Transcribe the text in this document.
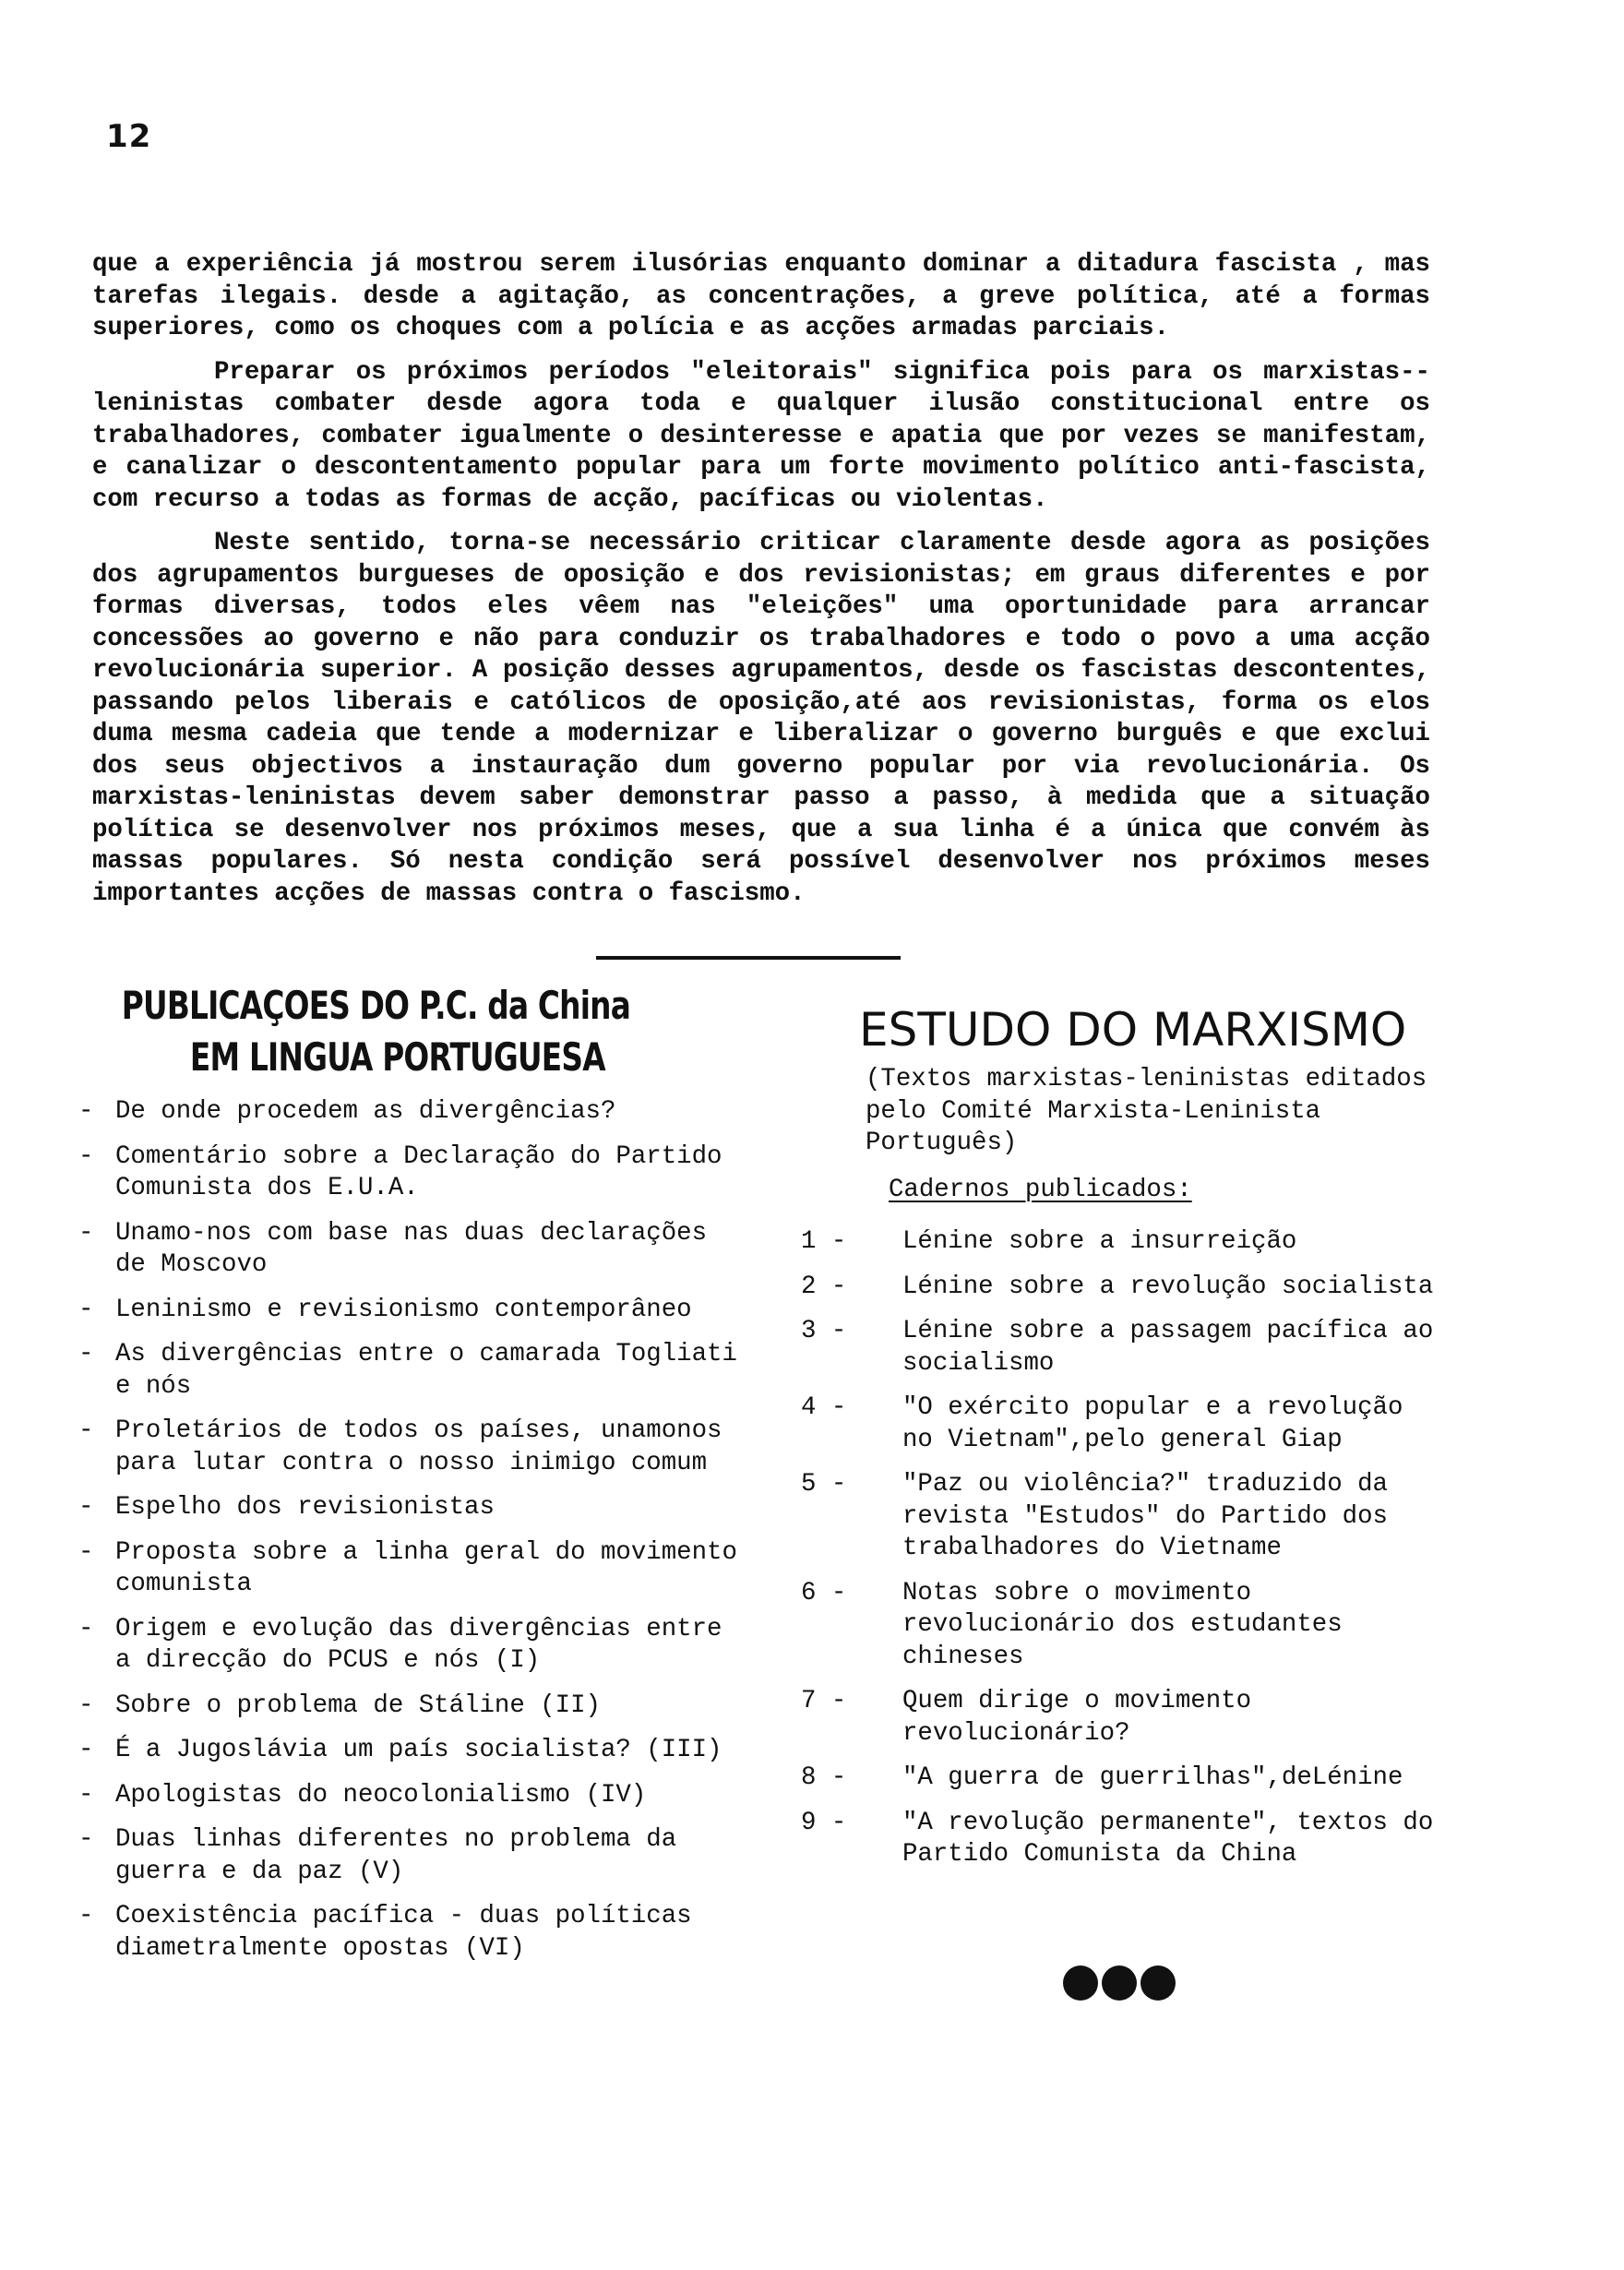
12

que a experiência já mostrou serem ilusórias enquanto dominar a ditadura fascista , mas tarefas ilegais. desde a agitação, as concentrações, a greve política, até a formas superiores, como os choques com a polícia e as acções armadas parciais.

Preparar os próximos períodos "eleitorais" significa pois para os marxistas--leninistas combater desde agora toda e qualquer ilusão constitucional entre os trabalhadores, combater igualmente o desinteresse e apatia que por vezes se manifestam, e canalizar o descontentamento popular para um forte movimento político anti-fascista, com recurso a todas as formas de acção, pacíficas ou violentas.

Neste sentido, torna-se necessário criticar claramente desde agora as posições dos agrupamentos burgueses de oposição e dos revisionistas; em graus diferentes e por formas diversas, todos eles vêem nas "eleições" uma oportunidade para arrancar concessões ao governo e não para conduzir os trabalhadores e todo o povo a uma acção revolucionária superior. A posição desses agrupamentos, desde os fascistas descontentes, passando pelos liberais e católicos de oposição,até aos revisionistas, forma os elos duma mesma cadeia que tende a modernizar e liberalizar o governo burguês e que exclui dos seus objectivos a instauração dum governo popular por via revolucionária. Os marxistas-leninistas devem saber demonstrar passo a passo, à medida que a situação política se desenvolver nos próximos meses, que a sua linha é a única que convém às massas populares. Só nesta condição será possível desenvolver nos próximos meses importantes acções de massas contra o fascismo.

PUBLICAÇOES DO P.C. da China
EM LINGUA PORTUGUESA
- De onde procedem as divergências?
- Comentário sobre a Declaração do Partido Comunista dos E.U.A.
- Unamo-nos com base nas duas declarações de Moscovo
- Leninismo e revisionismo contemporâneo
- As divergências entre o camarada Togliati e nós
- Proletários de todos os países, unamonos para lutar contra o nosso inimigo comum
- Espelho dos revisionistas
- Proposta sobre a linha geral do movimento comunista
- Origem e evolução das divergências entre a direcção do PCUS e nós (I)
- Sobre o problema de Stáline (II)
- É a Jugoslávia um país socialista? (III)
- Apologistas do neocolonialismo (IV)
- Duas linhas diferentes no problema da guerra e da paz (V)
- Coexistência pacífica - duas políticas diametralmente opostas (VI)
ESTUDO DO MARXISMO
(Textos marxistas-leninistas editados pelo Comité Marxista-Leninista Português)
Cadernos publicados:
1 - Lénine sobre a insurreição
2 - Lénine sobre a revolução socialista
3 - Lénine sobre a passagem pacífica ao socialismo
4 - "O exército popular e a revolução no Vietnam",pelo general Giap
5 - "Paz ou violência?" traduzido da revista "Estudos" do Partido dos trabalhadores do Vietname
6 - Notas sobre o movimento revolucionário dos estudantes chineses
7 - Quem dirige o movimento revolucionário?
8 - "A guerra de guerrilhas",deLénine
9 - "A revolução permanente", textos do Partido Comunista da China
